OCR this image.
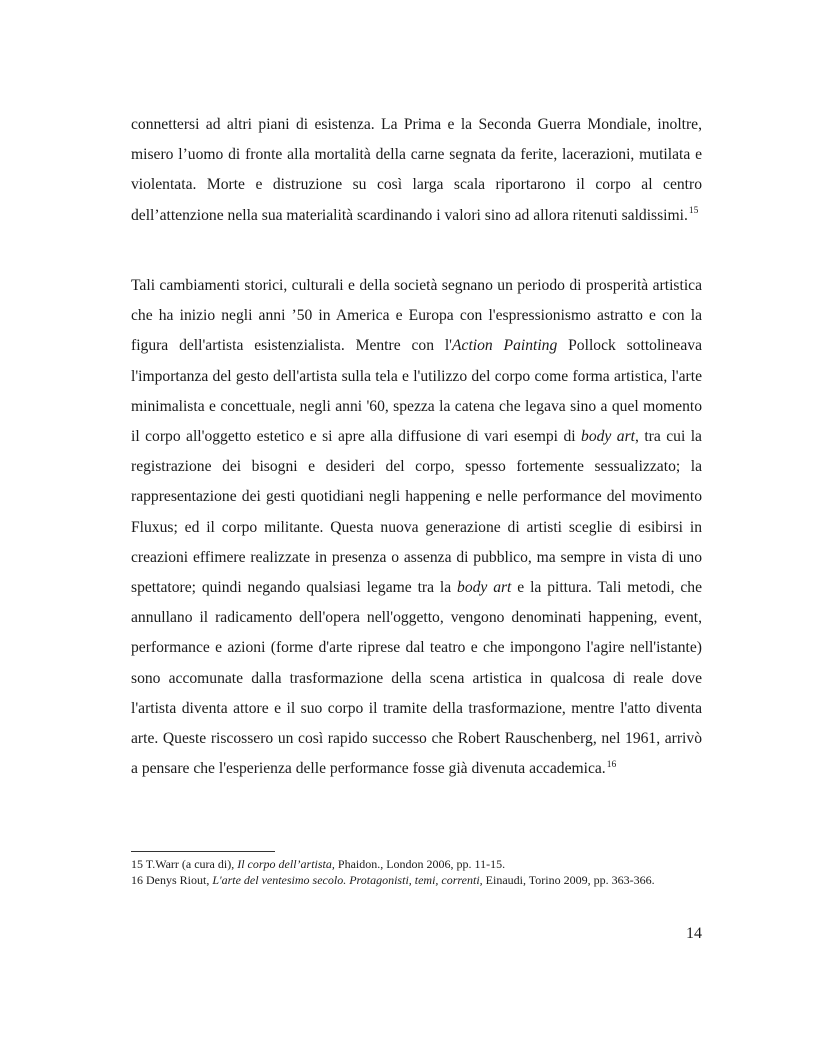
connettersi ad altri piani di esistenza. La Prima e la Seconda Guerra Mondiale, inoltre, misero l’uomo di fronte alla mortalità della carne segnata da ferite, lacerazioni, mutilata e violentata. Morte e distruzione su così larga scala riportarono il corpo al centro dell’attenzione nella sua materialità scardinando i valori sino ad allora ritenuti saldissimi.$^{15}$

Tali cambiamenti storici, culturali e della società segnano un periodo di prosperità artistica che ha inizio negli anni ’50 in America e Europa con l'espressionismo astratto e con la figura dell'artista esistenzialista. Mentre con l'Action Painting Pollock sottolineava l'importanza del gesto dell'artista sulla tela e l'utilizzo del corpo come forma artistica, l'arte minimalista e concettuale, negli anni '60, spezza la catena che legava sino a quel momento il corpo all'oggetto estetico e si apre alla diffusione di vari esempi di body art, tra cui la registrazione dei bisogni e desideri del corpo, spesso fortemente sessualizzato; la rappresentazione dei gesti quotidiani negli happening e nelle performance del movimento Fluxus; ed il corpo militante. Questa nuova generazione di artisti sceglie di esibirsi in creazioni effimere realizzate in presenza o assenza di pubblico, ma sempre in vista di uno spettatore; quindi negando qualsiasi legame tra la body art e la pittura. Tali metodi, che annullano il radicamento dell'opera nell'oggetto, vengono denominati happening, event, performance e azioni (forme d'arte riprese dal teatro e che impongono l'agire nell'istante) sono accomunate dalla trasformazione della scena artistica in qualcosa di reale dove l'artista diventa attore e il suo corpo il tramite della trasformazione, mentre l'atto diventa arte. Queste riscossero un così rapido successo che Robert Rauschenberg, nel 1961, arrivò a pensare che l'esperienza delle performance fosse già divenuta accademica.$^{16}$

15 T.Warr (a cura di), Il corpo dell’artista, Phaidon., London 2006, pp. 11-15.

16 Denys Riout, L'arte del ventesimo secolo. Protagonisti, temi, correnti, Einaudi, Torino 2009, pp. 363-366.

14
